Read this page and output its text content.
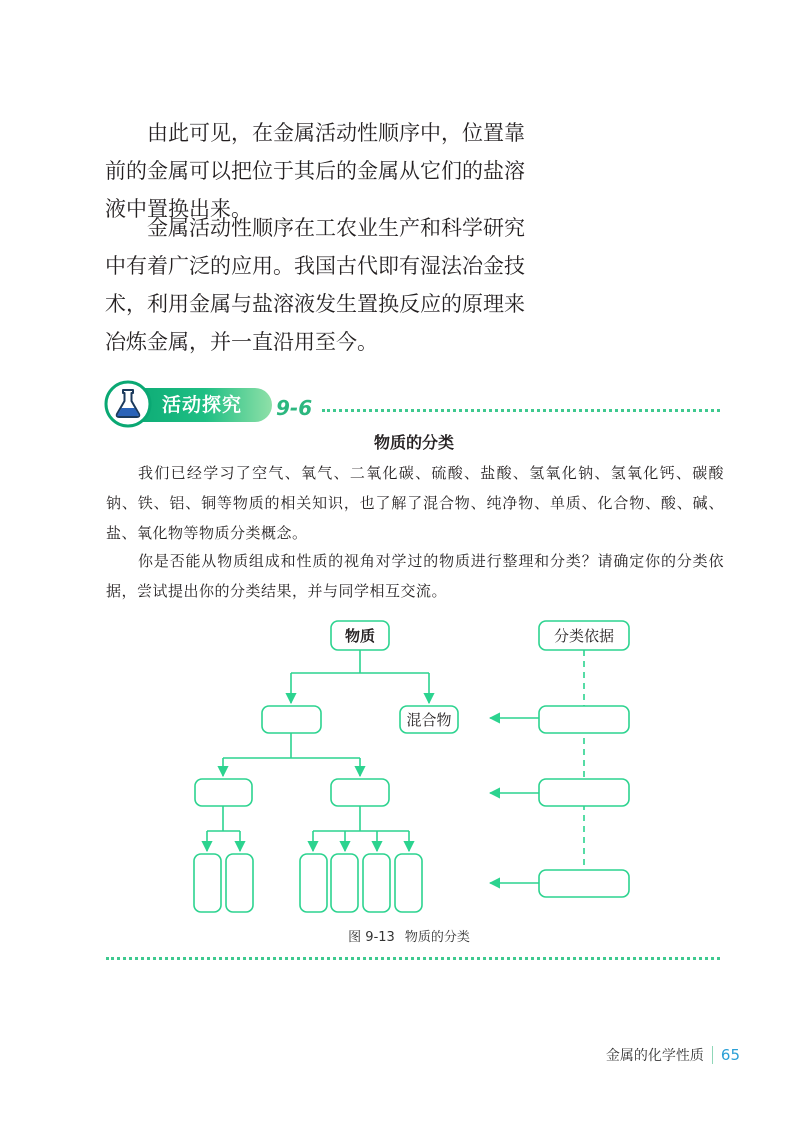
由此可见，在金属活动性顺序中，位置靠前的金属可以把位于其后的金属从它们的盐溶液中置换出来。

金属活动性顺序在工农业生产和科学研究中有着广泛的应用。我国古代即有湿法冶金技术，利用金属与盐溶液发生置换反应的原理来冶炼金属，并一直沿用至今。

活动探究 9-6

物质的分类

我们已经学习了空气、氧气、二氧化碳、硫酸、盐酸、氢氧化钠、氢氧化钙、碳酸钠、铁、铝、铜等物质的相关知识，也了解了混合物、纯净物、单质、化合物、酸、碱、盐、氧化物等物质分类概念。

你是否能从物质组成和性质的视角对学过的物质进行整理和分类？请确定你的分类依据，尝试提出你的分类结果，并与同学相互交流。

物质
混合物
分类依据

图 9-13 物质的分类

金属的化学性质 65
